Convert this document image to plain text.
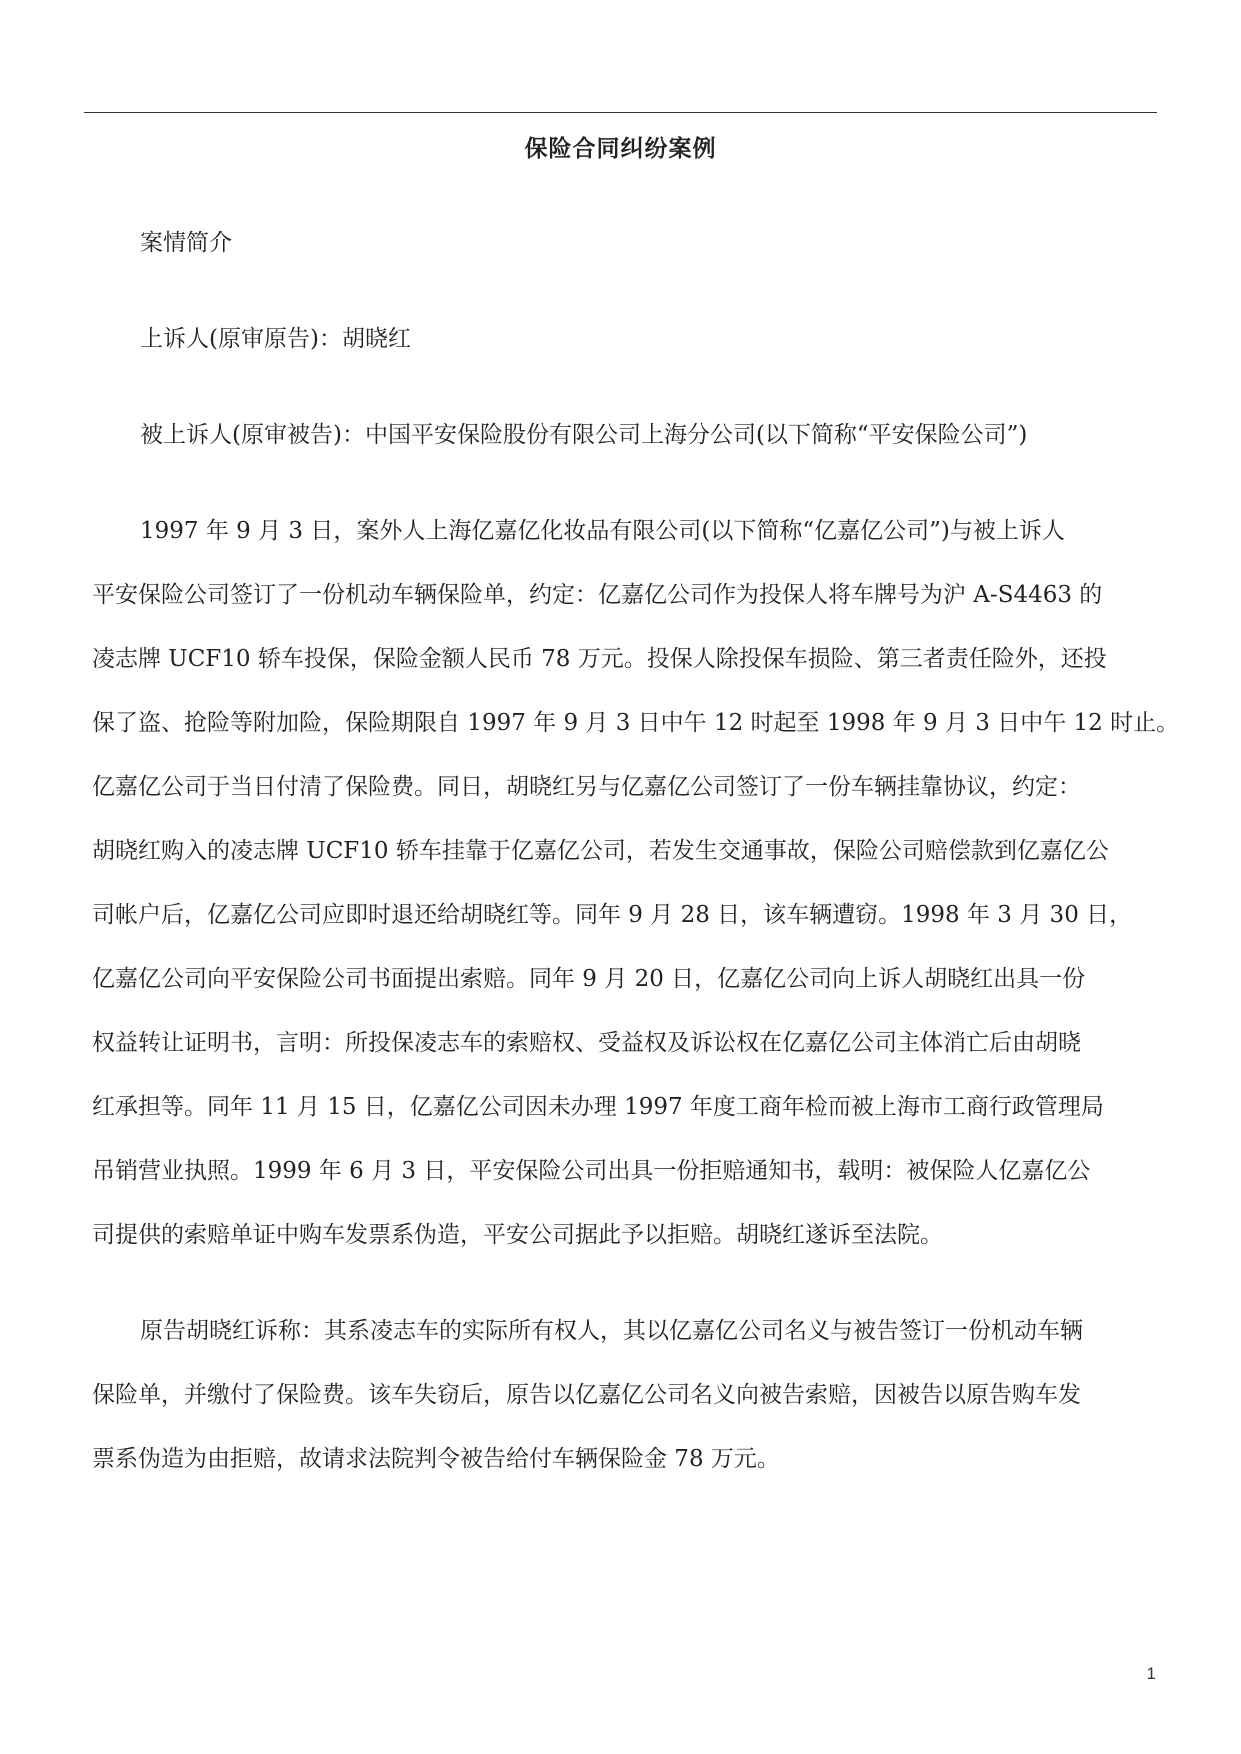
保险合同纠纷案例
案情简介
上诉人(原审原告)：胡晓红
被上诉人(原审被告)：中国平安保险股份有限公司上海分公司(以下简称“平安保险公司”)
1997 年 9 月 3 日，案外人上海亿嘉亿化妆品有限公司(以下简称“亿嘉亿公司”)与被上诉人
平安保险公司签订了一份机动车辆保险单，约定：亿嘉亿公司作为投保人将车牌号为沪 A-S4463 的
凌志牌 UCF10 轿车投保，保险金额人民币 78 万元。投保人除投保车损险、第三者责任险外，还投
保了盗、抢险等附加险，保险期限自 1997 年 9 月 3 日中午 12 时起至 1998 年 9 月 3 日中午 12 时止。
亿嘉亿公司于当日付清了保险费。同日，胡晓红另与亿嘉亿公司签订了一份车辆挂靠协议，约定：
胡晓红购入的凌志牌 UCF10 轿车挂靠于亿嘉亿公司，若发生交通事故，保险公司赔偿款到亿嘉亿公
司帐户后，亿嘉亿公司应即时退还给胡晓红等。同年 9 月 28 日，该车辆遭窃。1998 年 3 月 30 日，
亿嘉亿公司向平安保险公司书面提出索赔。同年 9 月 20 日，亿嘉亿公司向上诉人胡晓红出具一份
权益转让证明书，言明：所投保凌志车的索赔权、受益权及诉讼权在亿嘉亿公司主体消亡后由胡晓
红承担等。同年 11 月 15 日，亿嘉亿公司因未办理 1997 年度工商年检而被上海市工商行政管理局
吊销营业执照。1999 年 6 月 3 日，平安保险公司出具一份拒赔通知书，载明：被保险人亿嘉亿公
司提供的索赔单证中购车发票系伪造，平安公司据此予以拒赔。胡晓红遂诉至法院。
原告胡晓红诉称：其系凌志车的实际所有权人，其以亿嘉亿公司名义与被告签订一份机动车辆
保险单，并缴付了保险费。该车失窃后，原告以亿嘉亿公司名义向被告索赔，因被告以原告购车发
票系伪造为由拒赔，故请求法院判令被告给付车辆保险金 78 万元。
1
